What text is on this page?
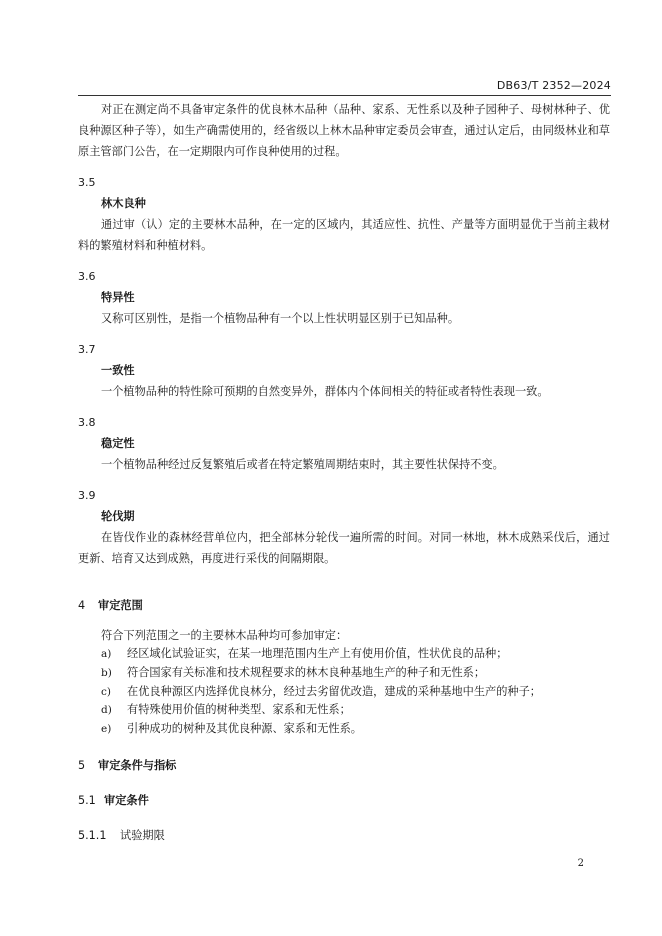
DB63/T 2352—2024

对正在测定尚不具备审定条件的优良林木品种（品种、家系、无性系以及种子园种子、母树林种子、优良种源区种子等），如生产确需使用的，经省级以上林木品种审定委员会审查，通过认定后，由同级林业和草原主管部门公告，在一定期限内可作良种使用的过程。

3.5

林木良种

通过审（认）定的主要林木品种，在一定的区域内，其适应性、抗性、产量等方面明显优于当前主栽材料的繁殖材料和种植材料。

3.6

特异性

又称可区别性，是指一个植物品种有一个以上性状明显区别于已知品种。

3.7

一致性

一个植物品种的特性除可预期的自然变异外，群体内个体间相关的特征或者特性表现一致。

3.8

稳定性

一个植物品种经过反复繁殖后或者在特定繁殖周期结束时，其主要性状保持不变。

3.9

轮伐期

在皆伐作业的森林经营单位内，把全部林分轮伐一遍所需的时间。对同一林地，林木成熟采伐后，通过更新、培育又达到成熟，再度进行采伐的间隔期限。

4 审定范围

符合下列范围之一的主要林木品种均可参加审定：

a) 经区域化试验证实，在某一地理范围内生产上有使用价值，性状优良的品种；
b) 符合国家有关标准和技术规程要求的林木良种基地生产的种子和无性系；
c) 在优良种源区内选择优良林分，经过去劣留优改造，建成的采种基地中生产的种子；
d) 有特殊使用价值的树种类型、家系和无性系；
e) 引种成功的树种及其优良种源、家系和无性系。

5 审定条件与指标

5.1 审定条件

5.1.1 试验期限

2
